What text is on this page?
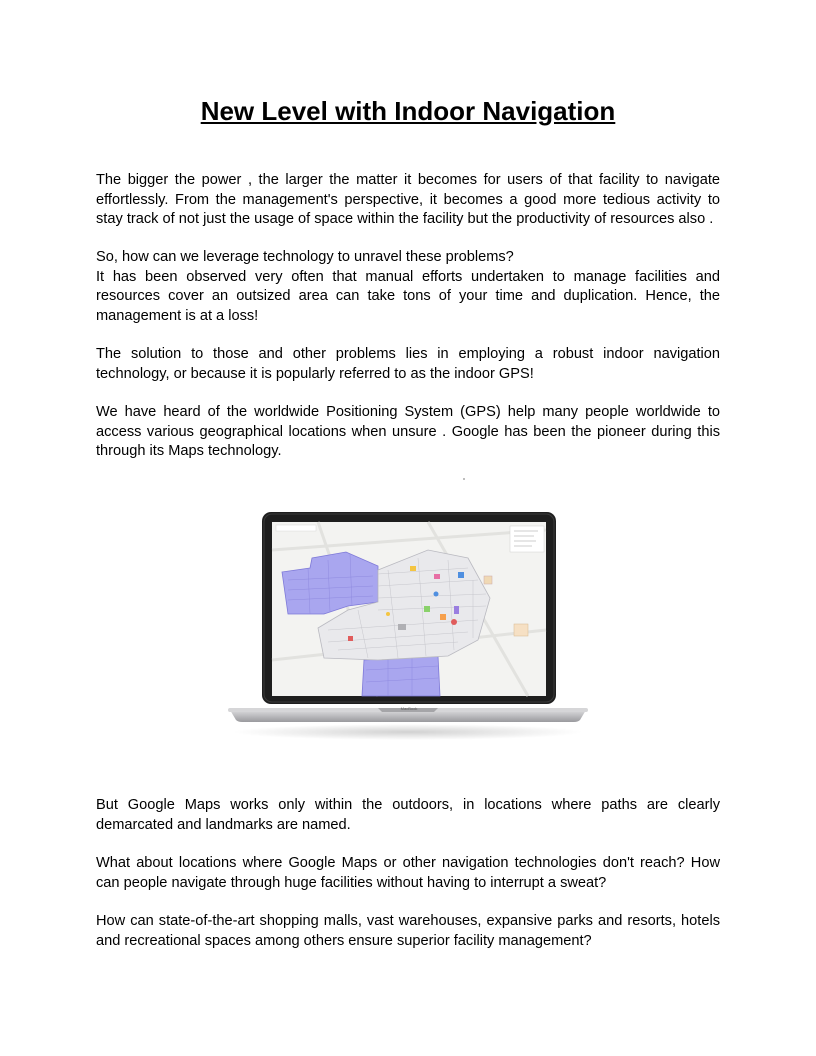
New Level with Indoor Navigation

The bigger the power , the larger the matter it becomes for users of that facility to navigate effortlessly. From the management's perspective, it becomes a good more tedious activity to stay track of not just the usage of space within the facility but the productivity of resources also .

So, how can we leverage technology to unravel these problems?
It has been observed very often that manual efforts undertaken to manage facilities and resources cover an outsized area can take tons of your time and duplication. Hence, the management is at a loss!

The solution to those and other problems lies in employing a robust indoor navigation technology, or because it is popularly referred to as the indoor GPS!

We have heard of the worldwide Positioning System (GPS) help many people worldwide to access various geographical locations when unsure . Google has been the pioneer during this through its Maps technology.

MacBook

But Google Maps works only within the outdoors, in locations where paths are clearly demarcated and landmarks are named.

What about locations where Google Maps or other navigation technologies don't reach? How can people navigate through huge facilities without having to interrupt a sweat?

How can state-of-the-art shopping malls, vast warehouses, expansive parks and resorts, hotels and recreational spaces among others ensure superior facility management?
